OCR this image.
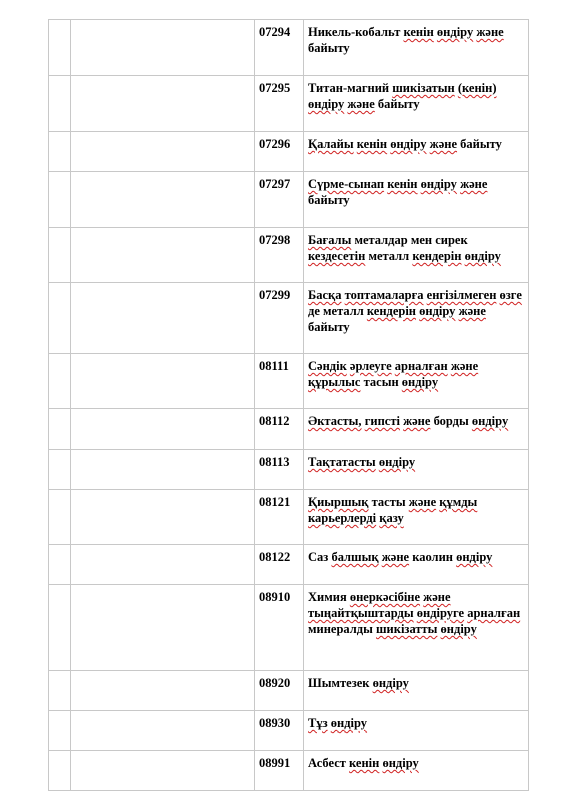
		07294	Никель-кобальт кенін өндіру және байыту
		07295	Титан-магний шикізатын (кенін) өндіру және байыту
		07296	Қалайы кенін өндіру және байыту
		07297	Сүрме-сынап кенін өндіру және байыту
		07298	Бағалы металдар мен сирек кездесетін металл кендерін өндіру
		07299	Басқа топтамаларға енгізілмеген өзге де металл кендерін өндіру және байыту
		08111	Сәндік әрлеуге арналған және құрылыс тасын өндіру
		08112	Әктасты, гипсті және борды өндіру
		08113	Тақтатасты өндіру
		08121	Қиыршық тасты және құмды карьерлерді қазу
		08122	Саз балшық және каолин өндіру
		08910	Химия өнеркәсібіне және тыңайтқыштарды өндіруге арналған минералды шикізатты өндіру
		08920	Шымтезек өндіру
		08930	Тұз өндіру
		08991	Асбест кенін өндіру
